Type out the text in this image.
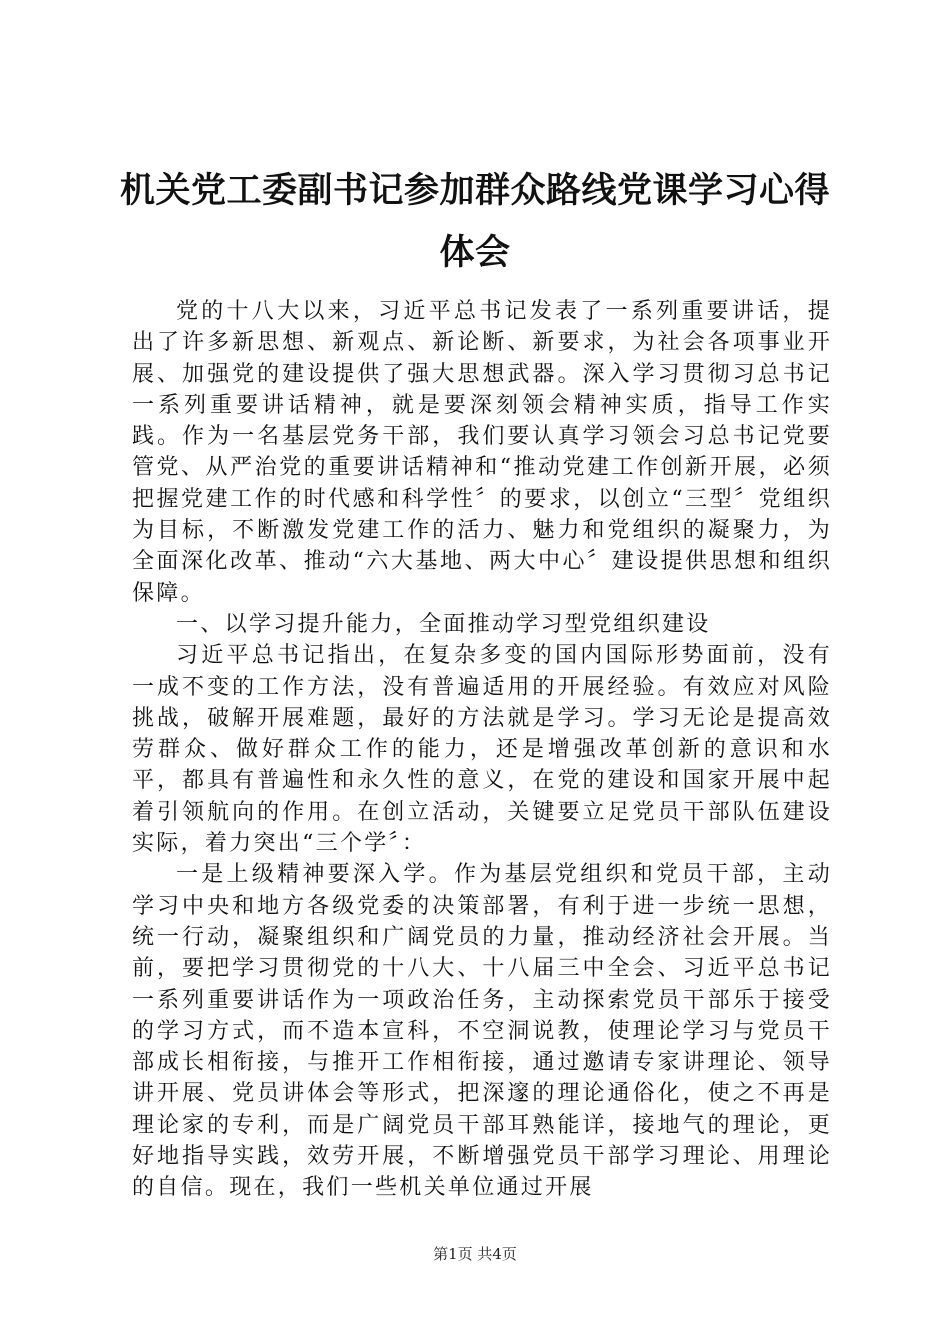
机关党工委副书记参加群众路线党课学习心得体会

党的十八大以来，习近平总书记发表了一系列重要讲话，提出了许多新思想、新观点、新论断、新要求，为社会各项事业开展、加强党的建设提供了强大思想武器。深入学习贯彻习总书记一系列重要讲话精神，就是要深刻领会精神实质，指导工作实践。作为一名基层党务干部，我们要认真学习领会习总书记党要管党、从严治党的重要讲话精神和“推动党建工作创新开展，必须把握党建工作的时代感和科学性〞的要求，以创立“三型〞党组织为目标，不断激发党建工作的活力、魅力和党组织的凝聚力，为全面深化改革、推动“六大基地、两大中心〞建设提供思想和组织保障。

一、以学习提升能力，全面推动学习型党组织建设

习近平总书记指出，在复杂多变的国内国际形势面前，没有一成不变的工作方法，没有普遍适用的开展经验。有效应对风险挑战，破解开展难题，最好的方法就是学习。学习无论是提高效劳群众、做好群众工作的能力，还是增强改革创新的意识和水平，都具有普遍性和永久性的意义，在党的建设和国家开展中起着引领航向的作用。在创立活动，关键要立足党员干部队伍建设实际，着力突出“三个学〞：

一是上级精神要深入学。作为基层党组织和党员干部，主动学习中央和地方各级党委的决策部署，有利于进一步统一思想，统一行动，凝聚组织和广阔党员的力量，推动经济社会开展。当前，要把学习贯彻党的十八大、十八届三中全会、习近平总书记一系列重要讲话作为一项政治任务，主动探索党员干部乐于接受的学习方式，而不造本宣科，不空洞说教，使理论学习与党员干部成长相衔接，与推开工作相衔接，通过邀请专家讲理论、领导讲开展、党员讲体会等形式，把深邃的理论通俗化，使之不再是理论家的专利，而是广阔党员干部耳熟能详，接地气的理论，更好地指导实践，效劳开展，不断增强党员干部学习理论、用理论的自信。现在，我们一些机关单位通过开展

第1页 共4页
